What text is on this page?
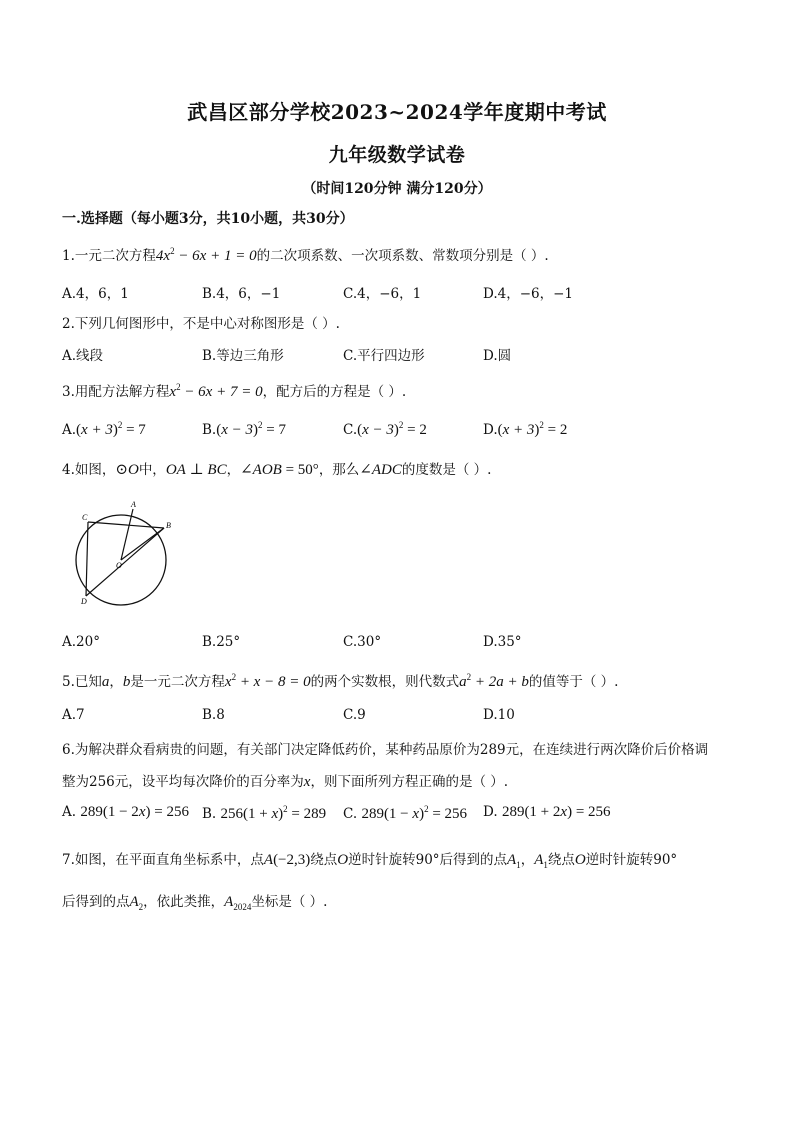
武昌区部分学校2023~2024学年度期中考试
九年级数学试卷
（时间120分钟 满分120分）
一.选择题（每小题3分，共10小题，共30分）
1.一元二次方程$4x^2 - 6x + 1 = 0$的二次项系数、一次项系数、常数项分别是（ ）.
A.4，6，1	B.4，6，−1	C.4，−6，1	D.4，−6，−1
2.下列几何图形中，不是中心对称图形是（ ）.
A.线段	B.等边三角形	C.平行四边形	D.圆
3.用配方法解方程$x^2 - 6x + 7 = 0$，配方后的方程是（ ）.
$A.(x + 3)^2 = 7$	$B.(x - 3)^2 = 7$	$C.(x - 3)^2 = 2$	$D.(x + 3)^2 = 2$
4.如图，⊙O中，OA ⊥ BC，∠AOB = 50°，那么∠ADC的度数是（ ）.
C
A
B
O
D
A.20°	B.25°	C.30°	D.35°
5.已知a，b是一元二次方程$x^2 + x - 8 = 0$的两个实数根，则代数式$a^2 + 2a + b$的值等于（ ）.
A.7	B.8	C.9	D.10
6.为解决群众看病贵的问题，有关部门决定降低药价，某种药品原价为289元，在连续进行两次降价后价格调
整为256元，设平均每次降价的百分率为x，则下面所列方程正确的是（ ）.
A. 289(1 − 2x) = 256 B. $256(1 + x)^2 = 289$ C. $289(1 - x)^2 = 256$ D. 289(1 + 2x) = 256
7.如图，在平面直角坐标系中，点A(−2,3)绕点O逆时针旋转90°后得到的点$A_1$，$A_1$绕点O逆时针旋转90°
后得到的点$A_2$，依此类推，$A_{2024}$坐标是（ ）.
